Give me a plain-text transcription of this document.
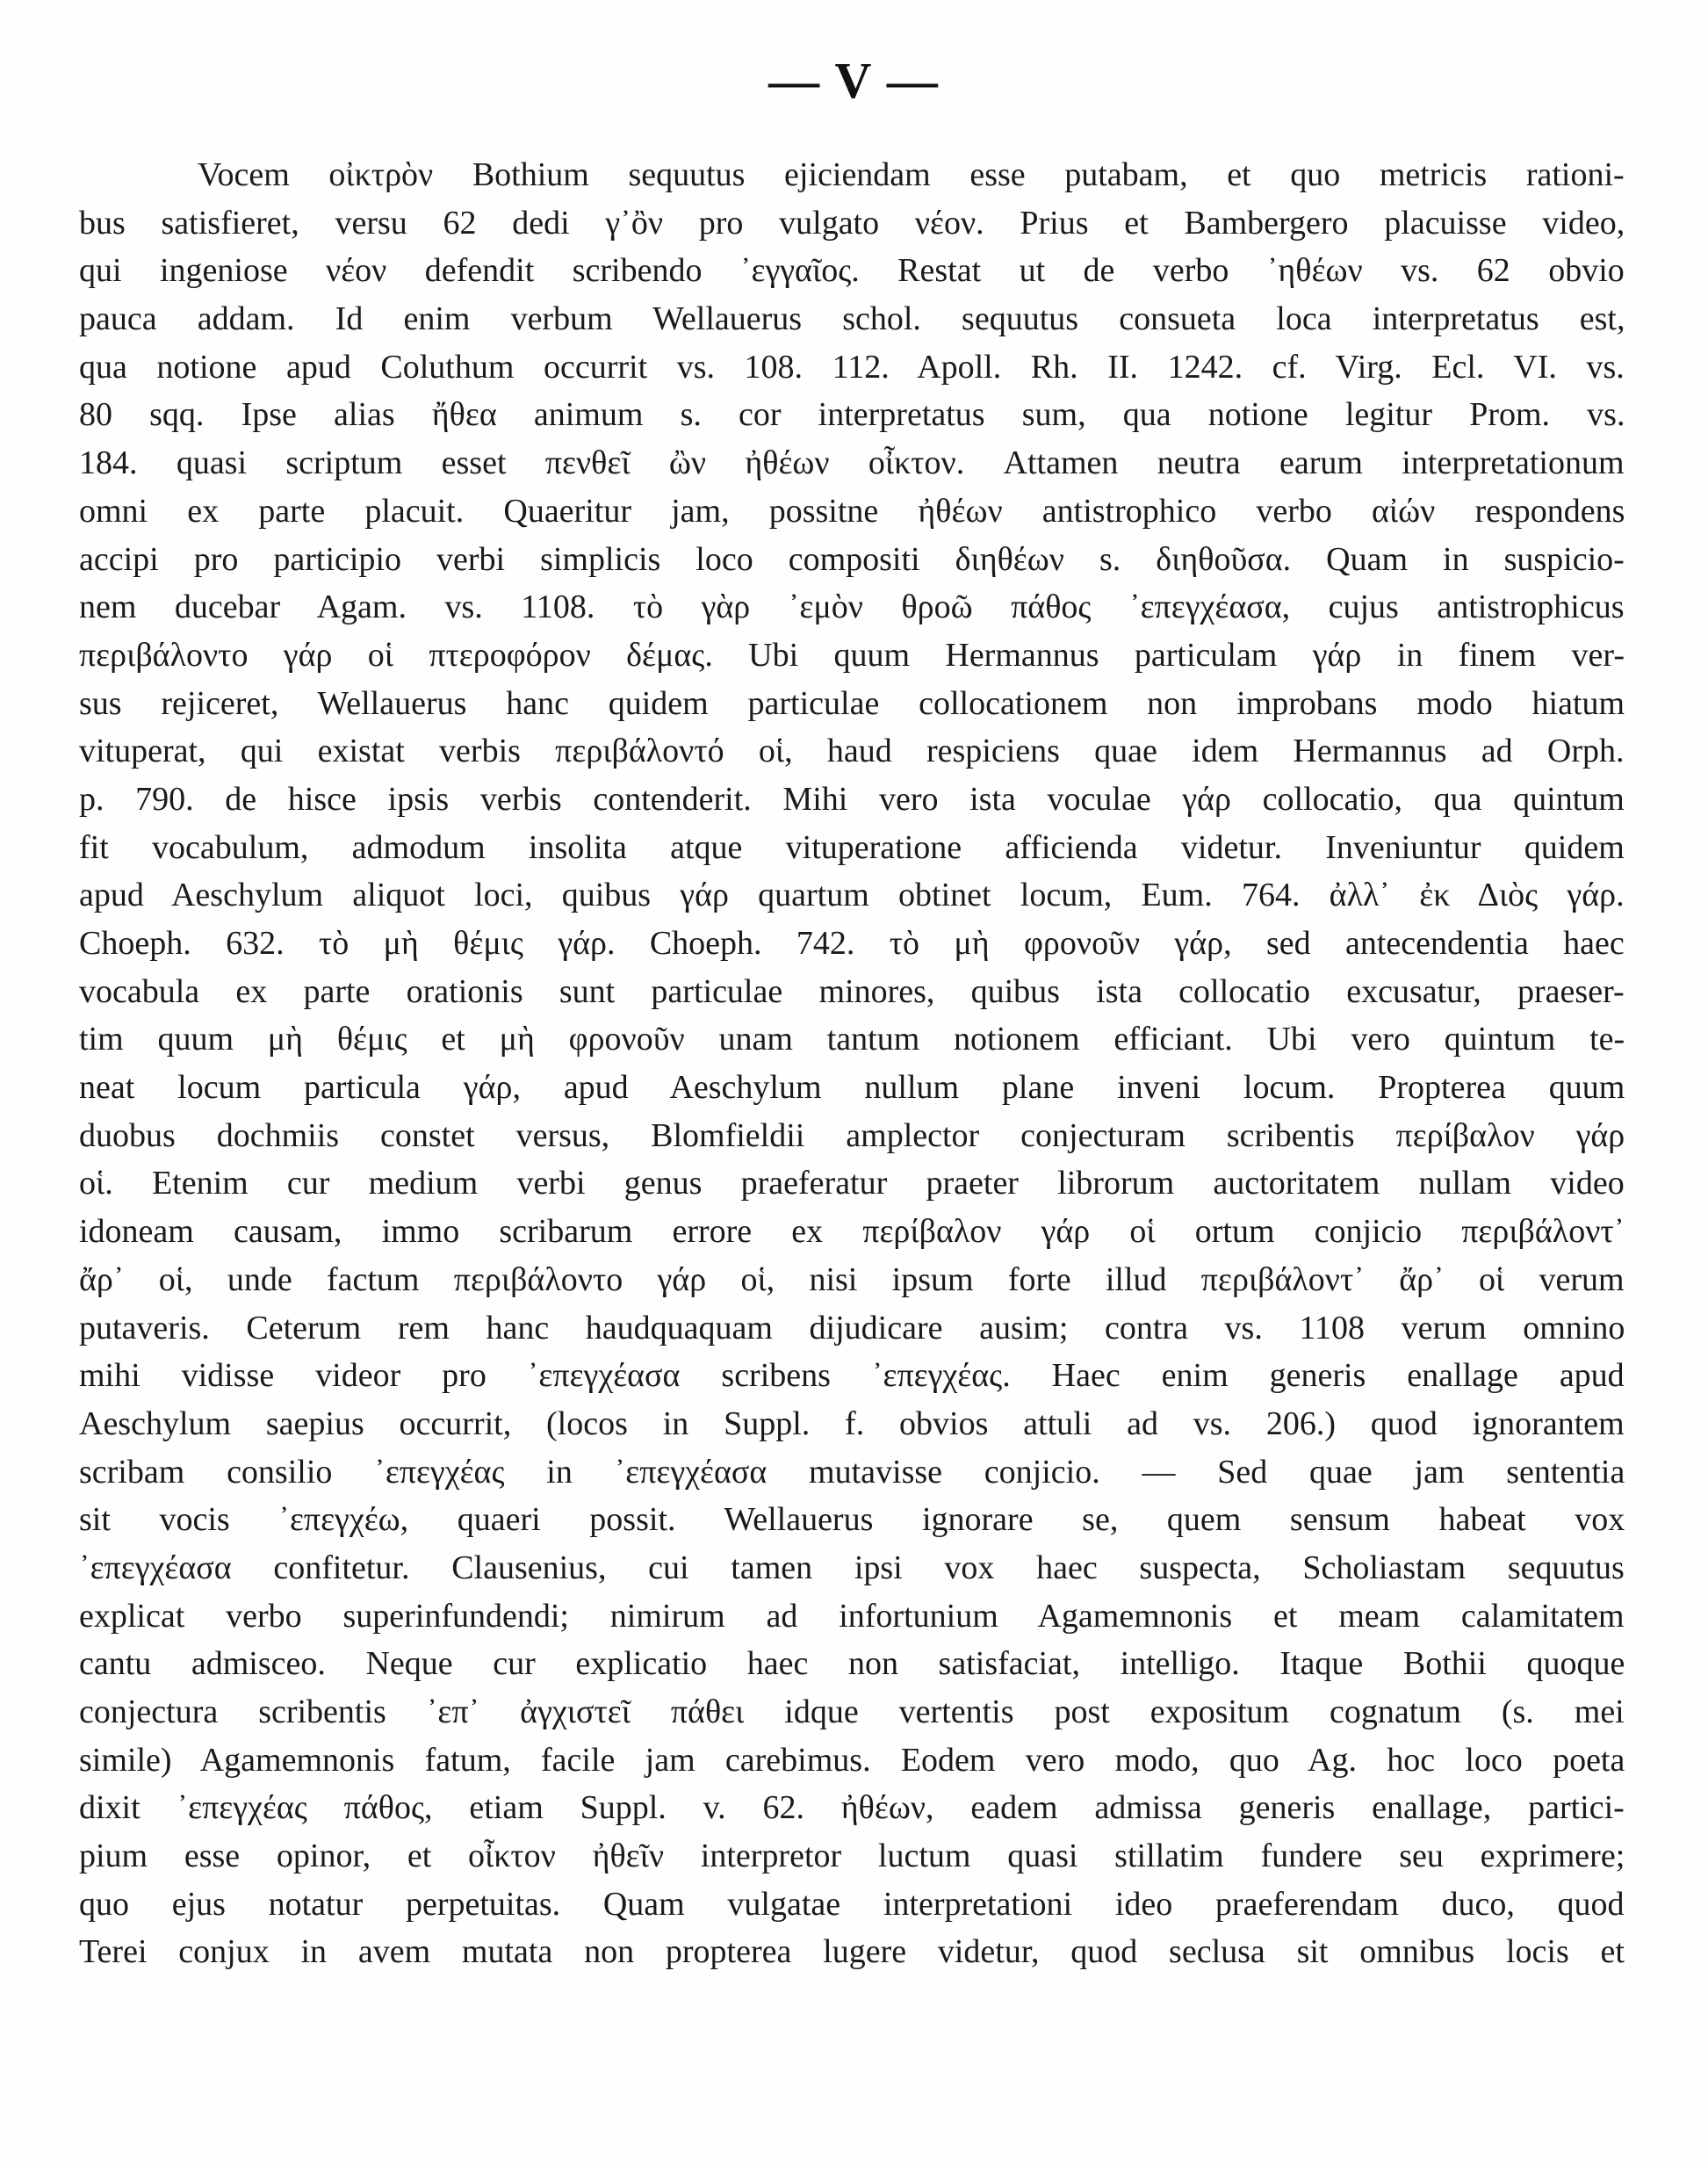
— V —
Vocem οἰκτρὸν Bothium sequutus ejiciendam esse putabam, et quo metricis rationi-
bus satisfieret, versu 62 dedi γ᾽ὂν pro vulgato νέον. Prius et Bambergero placuisse video,
qui ingeniose νέον defendit scribendo ᾽εγγαῖος. Restat ut de verbo ᾽ηθέων vs. 62 obvio
pauca addam. Id enim verbum Wellauerus schol. sequutus consueta loca interpretatus est,
qua notione apud Coluthum occurrit vs. 108. 112. Apoll. Rh. II. 1242. cf. Virg. Ecl. VI. vs.
80 sqq. Ipse alias ἤθεα animum s. cor interpretatus sum, qua notione legitur Prom. vs.
184. quasi scriptum esset πενθεῖ ὢν ἠθέων οἶκτον. Attamen neutra earum interpretationum
omni ex parte placuit. Quaeritur jam, possitne ἠθέων antistrophico verbo αἰών respondens
accipi pro participio verbi simplicis loco compositi διηθέων s. διηθοῦσα. Quam in suspicio-
nem ducebar Agam. vs. 1108. τὸ γὰρ ᾽εμὸν θροῶ πάθος ᾽επεγχέασα, cujus antistrophicus
περιβάλοντο γάρ οἱ πτεροφόρον δέμας. Ubi quum Hermannus particulam γάρ in finem ver-
sus rejiceret, Wellauerus hanc quidem particulae collocationem non improbans modo hiatum
vituperat, qui existat verbis περιβάλοντό οἱ, haud respiciens quae idem Hermannus ad Orph.
p. 790. de hisce ipsis verbis contenderit. Mihi vero ista voculae γάρ collocatio, qua quintum
fit vocabulum, admodum insolita atque vituperatione afficienda videtur. Inveniuntur quidem
apud Aeschylum aliquot loci, quibus γάρ quartum obtinet locum, Eum. 764. ἀλλ᾽ ἐκ Διὸς γάρ.
Choeph. 632. τὸ μὴ θέμις γάρ. Choeph. 742. τὸ μὴ φρονοῦν γάρ, sed antecendentia haec
vocabula ex parte orationis sunt particulae minores, quibus ista collocatio excusatur, praeser-
tim quum μὴ θέμις et μὴ φρονοῦν unam tantum notionem efficiant. Ubi vero quintum te-
neat locum particula γάρ, apud Aeschylum nullum plane inveni locum. Propterea quum
duobus dochmiis constet versus, Blomfieldii amplector conjecturam scribentis περίβαλον γάρ
οἱ. Etenim cur medium verbi genus praeferatur praeter librorum auctoritatem nullam video
idoneam causam, immo scribarum errore ex περίβαλον γάρ οἱ ortum conjicio περιβάλοντ᾽
ἄρ᾽ οἱ, unde factum περιβάλοντο γάρ οἱ, nisi ipsum forte illud περιβάλοντ᾽ ἄρ᾽ οἱ verum
putaveris. Ceterum rem hanc haudquaquam dijudicare ausim; contra vs. 1108 verum omnino
mihi vidisse videor pro ᾽επεγχέασα scribens ᾽επεγχέας. Haec enim generis enallage apud
Aeschylum saepius occurrit, (locos in Suppl. f. obvios attuli ad vs. 206.) quod ignorantem
scribam consilio ᾽επεγχέας in ᾽επεγχέασα mutavisse conjicio. — Sed quae jam sententia
sit vocis ᾽επεγχέω, quaeri possit. Wellauerus ignorare se, quem sensum habeat vox
᾽επεγχέασα confitetur. Clausenius, cui tamen ipsi vox haec suspecta, Scholiastam sequutus
explicat verbo superinfundendi; nimirum ad infortunium Agamemnonis et meam calamitatem
cantu admisceo. Neque cur explicatio haec non satisfaciat, intelligo. Itaque Bothii quoque
conjectura scribentis ᾽επ᾽ ἀγχιστεῖ πάθει idque vertentis post expositum cognatum (s. mei
simile) Agamemnonis fatum, facile jam carebimus. Eodem vero modo, quo Ag. hoc loco poeta
dixit ᾽επεγχέας πάθος, etiam Suppl. v. 62. ἠθέων, eadem admissa generis enallage, partici-
pium esse opinor, et οἶκτον ἠθεῖν interpretor luctum quasi stillatim fundere seu exprimere;
quo ejus notatur perpetuitas. Quam vulgatae interpretationi ideo praeferendam duco, quod
Terei conjux in avem mutata non propterea lugere videtur, quod seclusa sit omnibus locis et
